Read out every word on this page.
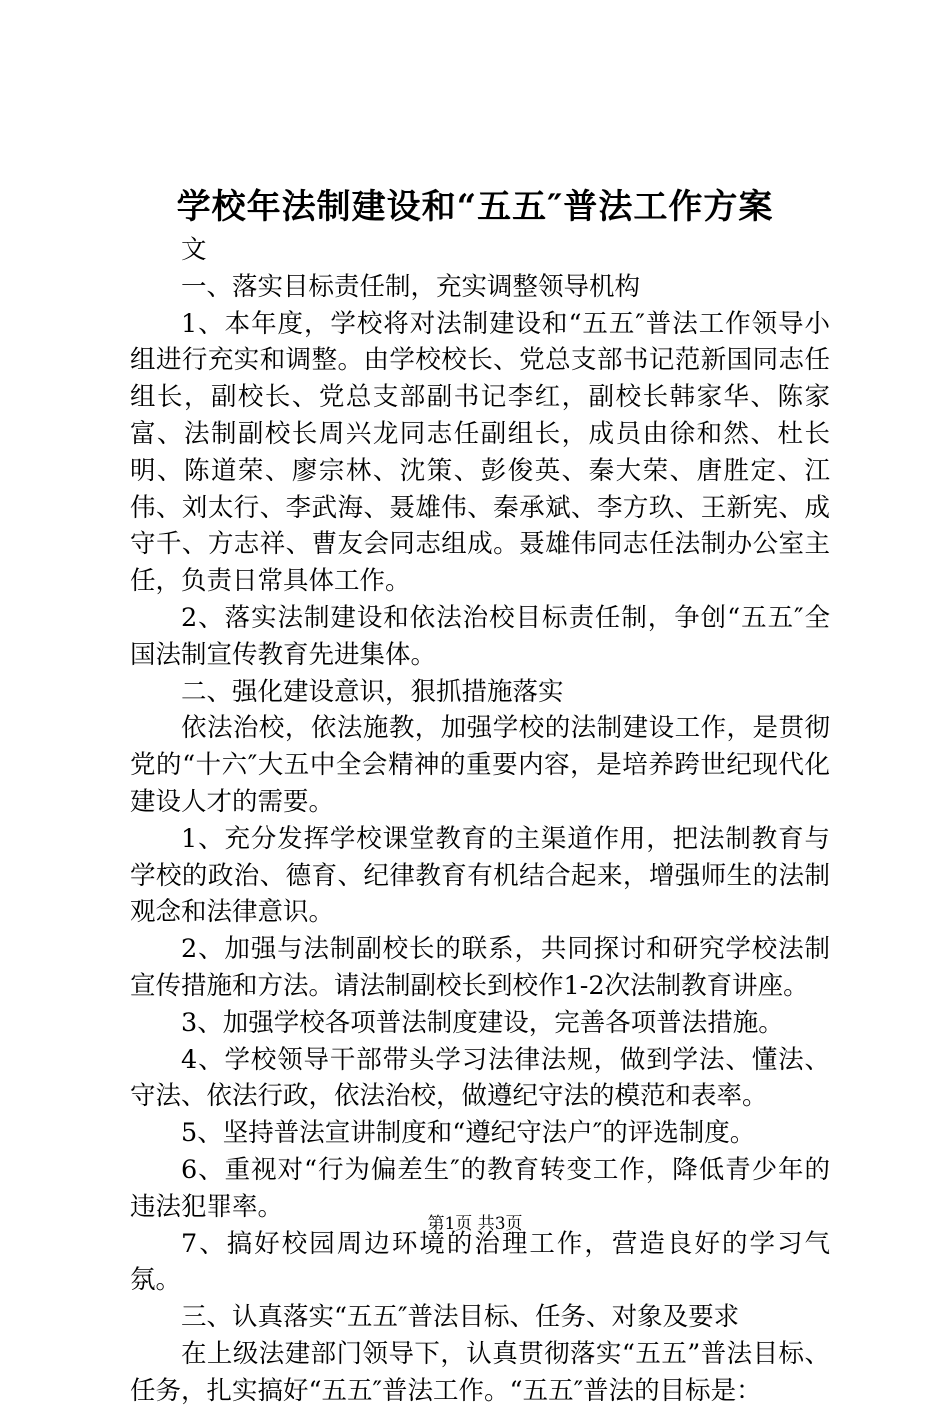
学校年法制建设和“五五″普法工作方案

文

一、落实目标责任制，充实调整领导机构

1、本年度，学校将对法制建设和“五五″普法工作领导小组进行充实和调整。由学校校长、党总支部书记范新国同志任组长，副校长、党总支部副书记李红，副校长韩家华、陈家富、法制副校长周兴龙同志任副组长，成员由徐和然、杜长明、陈道荣、廖宗林、沈策、彭俊英、秦大荣、唐胜定、江伟、刘太行、李武海、聂雄伟、秦承斌、李方玖、王新宪、成守千、方志祥、曹友会同志组成。聂雄伟同志任法制办公室主任，负责日常具体工作。

2、落实法制建设和依法治校目标责任制，争创“五五″全国法制宣传教育先进集体。

二、强化建设意识，狠抓措施落实

依法治校，依法施教，加强学校的法制建设工作，是贯彻党的“十六″大五中全会精神的重要内容，是培养跨世纪现代化建设人才的需要。

1、充分发挥学校课堂教育的主渠道作用，把法制教育与学校的政治、德育、纪律教育有机结合起来，增强师生的法制观念和法律意识。

2、加强与法制副校长的联系，共同探讨和研究学校法制宣传措施和方法。请法制副校长到校作1-2次法制教育讲座。

3、加强学校各项普法制度建设，完善各项普法措施。

4、学校领导干部带头学习法律法规，做到学法、懂法、守法、依法行政，依法治校，做遵纪守法的模范和表率。

5、坚持普法宣讲制度和“遵纪守法户″的评选制度。

6、重视对“行为偏差生″的教育转变工作，降低青少年的违法犯罪率。

7、搞好校园周边环境的治理工作，营造良好的学习气氛。

三、认真落实“五五″普法目标、任务、对象及要求

在上级法建部门领导下，认真贯彻落实“五五”普法目标、任务，扎实搞好“五五″普法工作。“五五″普法的目标是：

第1页 共3页
